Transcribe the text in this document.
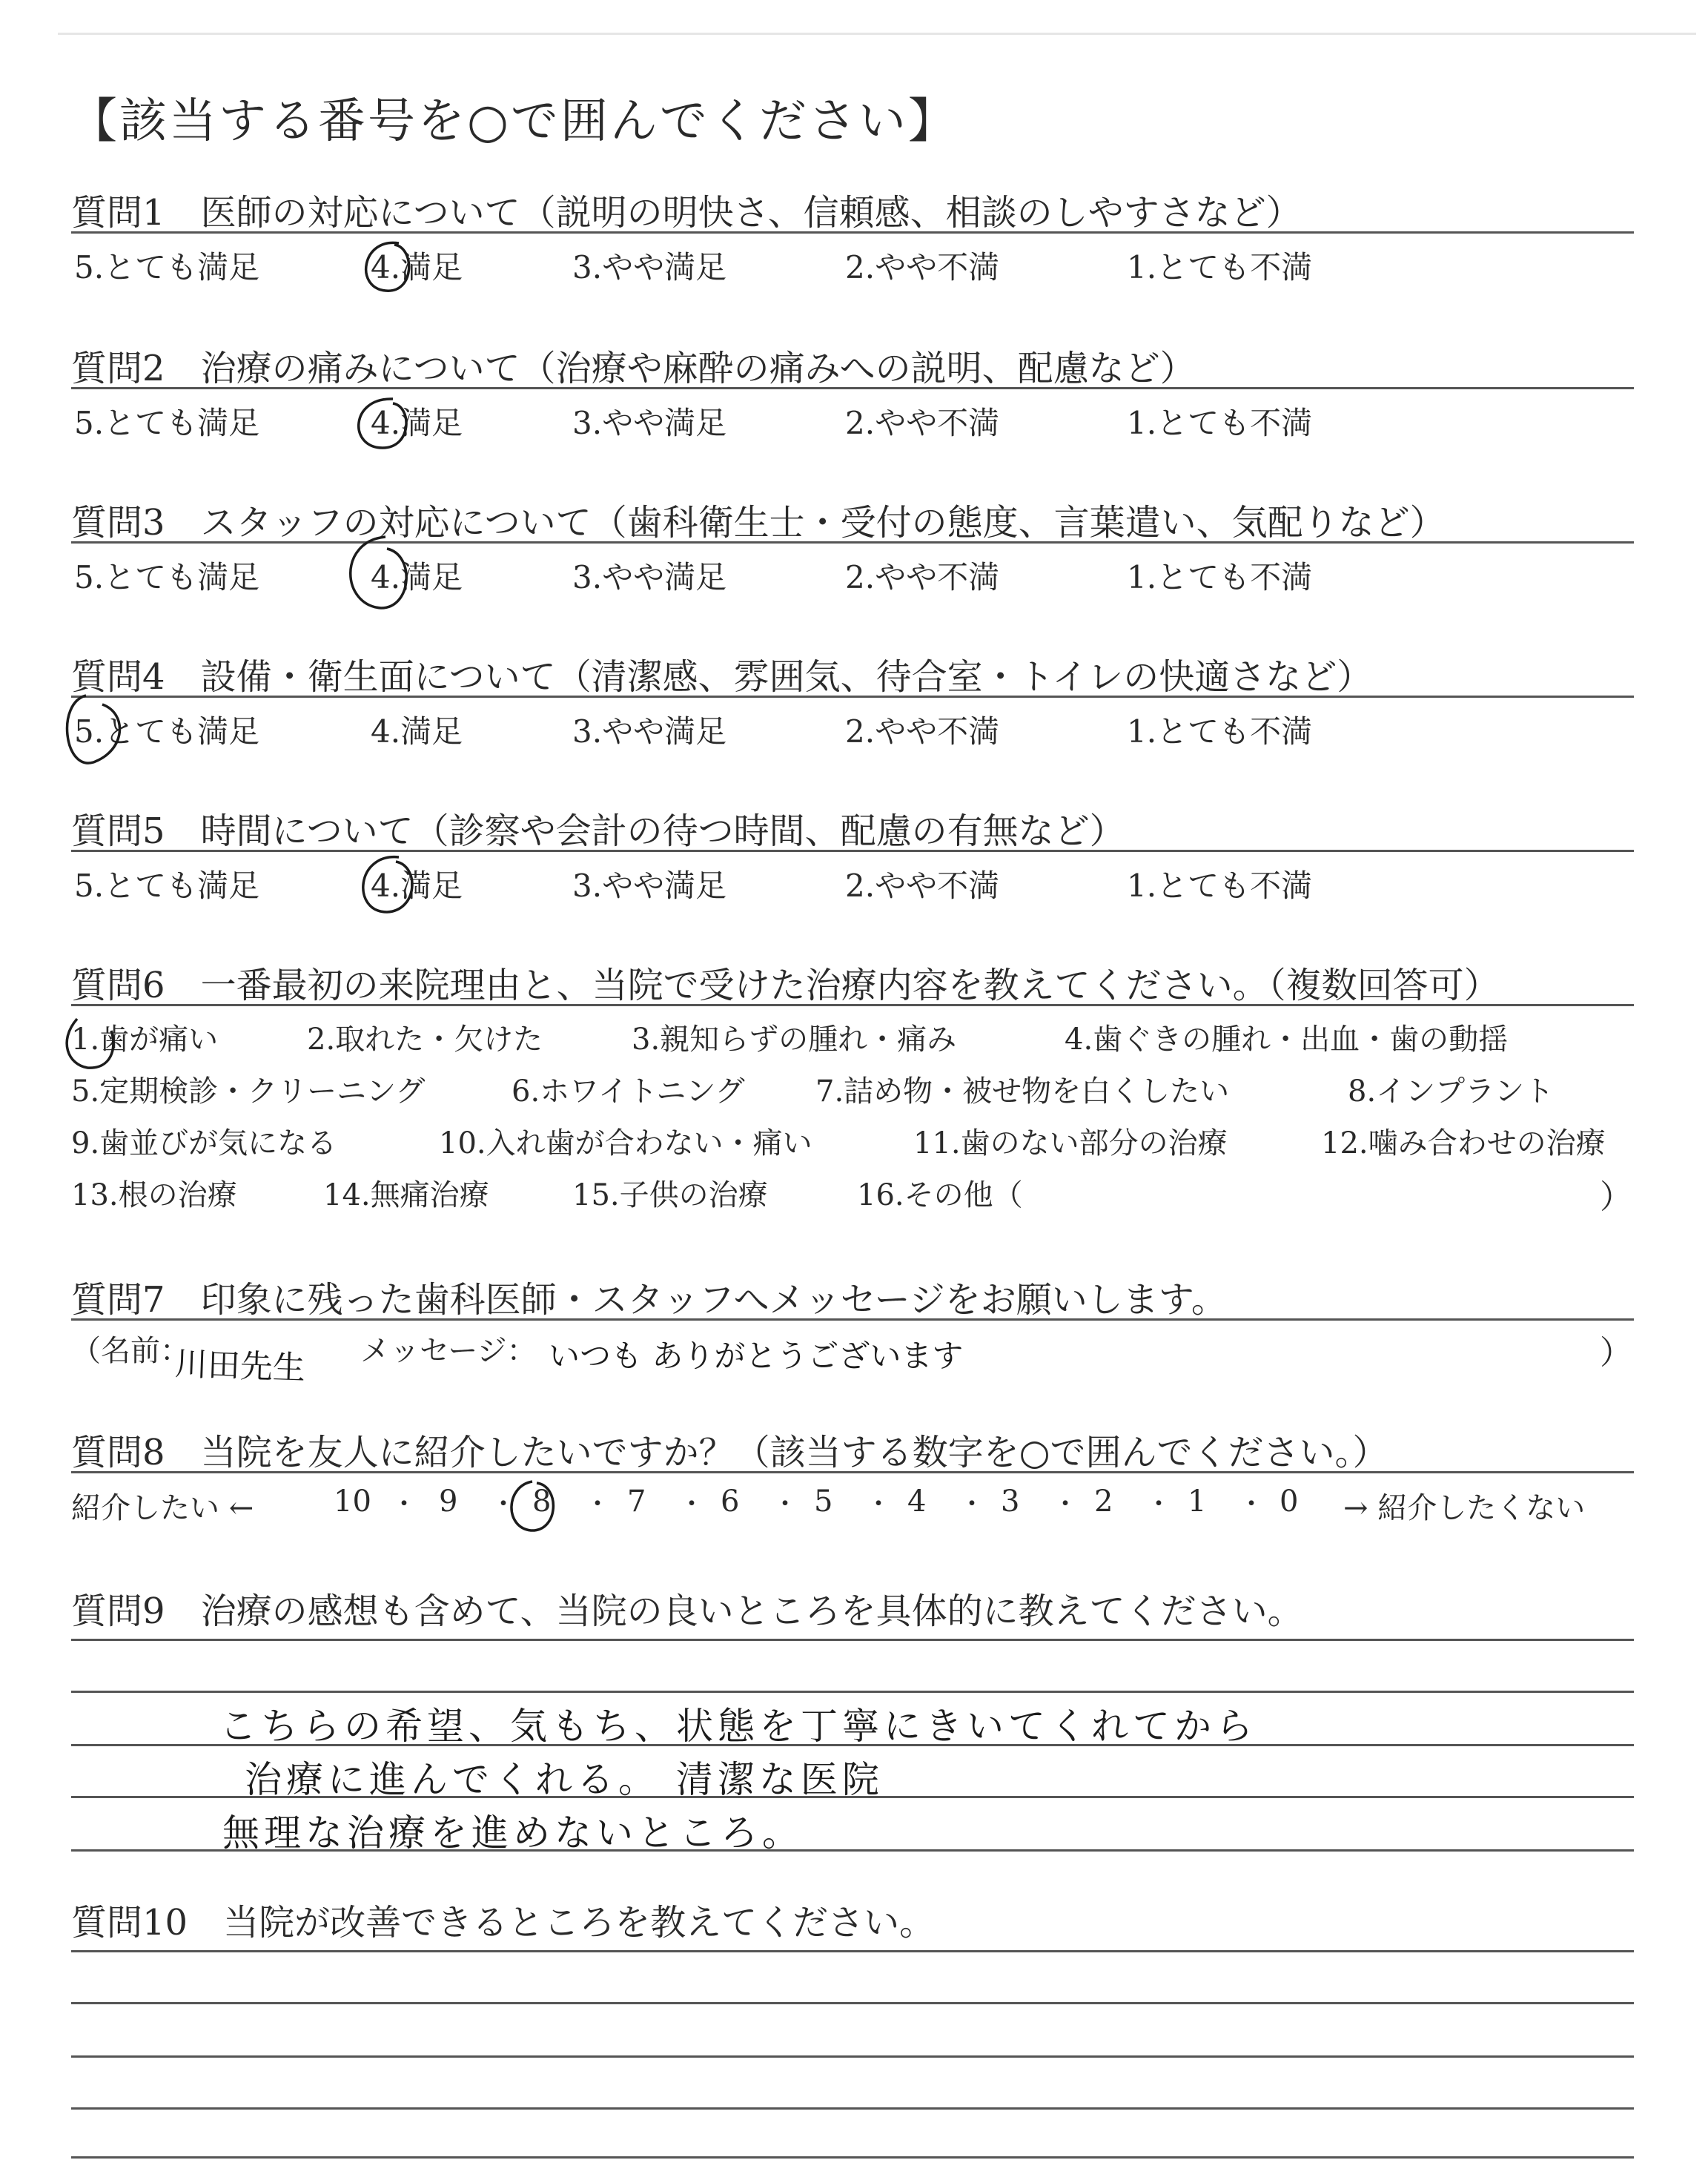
【該当する番号を○で囲んでください】
質問1　 医師の対応について（説明の明快さ、信頼感、相談のしやすさなど）
5.とても満足	4.満足	3.やや満足	2.やや不満	1.とても不満
質問2　 治療の痛みについて（治療や麻酔の痛みへの説明、配慮など）
5.とても満足	4.満足	3.やや満足	2.やや不満	1.とても不満
質問3　 スタッフの対応について（歯科衛生士・受付の態度、言葉遣い、気配りなど）
5.とても満足	4.満足	3.やや満足	2.やや不満	1.とても不満
質問4　 設備・衛生面について（清潔感、雰囲気、待合室・トイレの快適さなど）
5.とても満足	4.満足	3.やや満足	2.やや不満	1.とても不満
質問5　 時間について（診察や会計の待つ時間、配慮の有無など）
5.とても満足	4.満足	3.やや満足	2.やや不満	1.とても不満
質問6　 一番最初の来院理由と、当院で受けた治療内容を教えてください。（複数回答可）
1.歯が痛い	2.取れた・欠けた	3.親知らずの腫れ・痛み	4.歯ぐきの腫れ・出血・歯の動揺
5.定期検診・クリーニング	6.ホワイトニング 7.詰め物・被せ物を白くしたい	8.インプラント
9.歯並びが気になる	10.入れ歯が合わない・痛い	11.歯のない部分の治療	12.噛み合わせの治療
13.根の治療	14.無痛治療	15.子供の治療	16.その他（	）
質問7　 印象に残った歯科医師・スタッフへメッセージをお願いします。
（名前：	メッセージ：	）
川田先生	いつも ありがとうございます
質問8　 当院を友人に紹介したいですか？（該当する数字を○で囲んでください。）
紹介したい ←	10 ・ 9 ・ 8 ・ 7 ・ 6 ・ 5 ・ 4 ・ 3 ・ 2 ・ 1 ・ 0 → 紹介したくない
質問9　 治療の感想も含めて、当院の良いところを具体的に教えてください。
こちらの希望、気もち、状態を丁寧にきいてくれてから
治療に進んでくれる。 清潔な医院
無理な治療を進めないところ。
質問10　 当院が改善できるところを教えてください。
